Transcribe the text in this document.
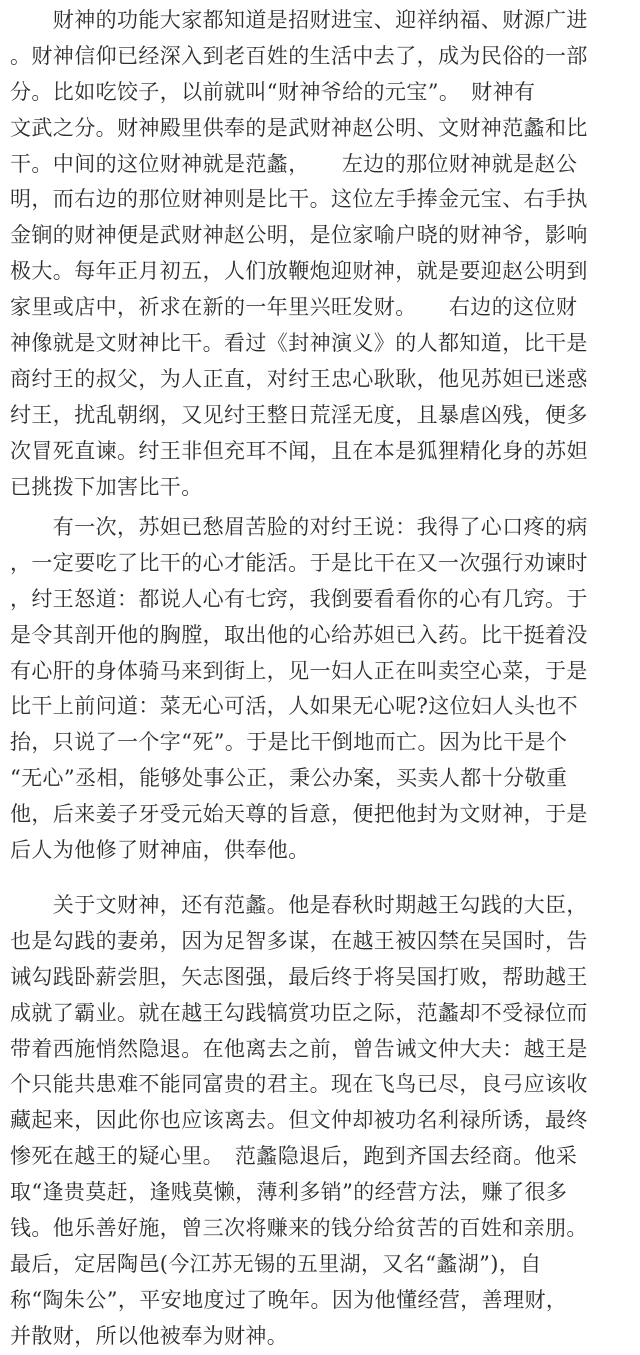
　　财神的功能大家都知道是招财进宝、迎祥纳福、财源广进
。财神信仰已经深入到老百姓的生活中去了，成为民俗的一部
分。比如吃饺子，以前就叫“财神爷给的元宝”。　财神有
文武之分。财神殿里供奉的是武财神赵公明、文财神范蠡和比
干。中间的这位财神就是范蠡，　　左边的那位财神就是赵公
明，而右边的那位财神则是比干。这位左手捧金元宝、右手执
金锏的财神便是武财神赵公明，是位家喻户晓的财神爷，影响
极大。每年正月初五，人们放鞭炮迎财神，就是要迎赵公明到
家里或店中，祈求在新的一年里兴旺发财。　　右边的这位财
神像就是文财神比干。看过《封神演义》的人都知道，比干是
商纣王的叔父，为人正直，对纣王忠心耿耿，他见苏妲已迷惑
纣王，扰乱朝纲，又见纣王整日荒淫无度，且暴虐凶残，便多
次冒死直谏。纣王非但充耳不闻，且在本是狐狸精化身的苏妲
已挑拨下加害比干。
　　有一次，苏妲已愁眉苦脸的对纣王说：我得了心口疼的病
，一定要吃了比干的心才能活。于是比干在又一次强行劝谏时
，纣王怒道：都说人心有七窍，我倒要看看你的心有几窍。于
是令其剖开他的胸膛，取出他的心给苏妲已入药。比干挺着没
有心肝的身体骑马来到街上，见一妇人正在叫卖空心菜，于是
比干上前问道：菜无心可活，人如果无心呢?这位妇人头也不
抬，只说了一个字“死”。于是比干倒地而亡。因为比干是个
“无心”丞相，能够处事公正，秉公办案，买卖人都十分敬重
他，后来姜子牙受元始天尊的旨意，便把他封为文财神，于是
后人为他修了财神庙，供奉他。
　　关于文财神，还有范蠡。他是春秋时期越王勾践的大臣，
也是勾践的妻弟，因为足智多谋，在越王被囚禁在吴国时，告
诫勾践卧薪尝胆，矢志图强，最后终于将吴国打败，帮助越王
成就了霸业。就在越王勾践犒赏功臣之际，范蠡却不受禄位而
带着西施悄然隐退。在他离去之前，曾告诫文仲大夫：越王是
个只能共患难不能同富贵的君主。现在飞鸟已尽，良弓应该收
藏起来，因此你也应该离去。但文仲却被功名利禄所诱，最终
惨死在越王的疑心里。　范蠡隐退后，跑到齐国去经商。他采
取“逢贵莫赶，逢贱莫懒，薄利多销”的经营方法，赚了很多
钱。他乐善好施，曾三次将赚来的钱分给贫苦的百姓和亲朋。
最后，定居陶邑(今江苏无锡的五里湖，又名“蠡湖”)，自
称“陶朱公”，平安地度过了晚年。因为他懂经营，善理财，
并散财，所以他被奉为财神。
